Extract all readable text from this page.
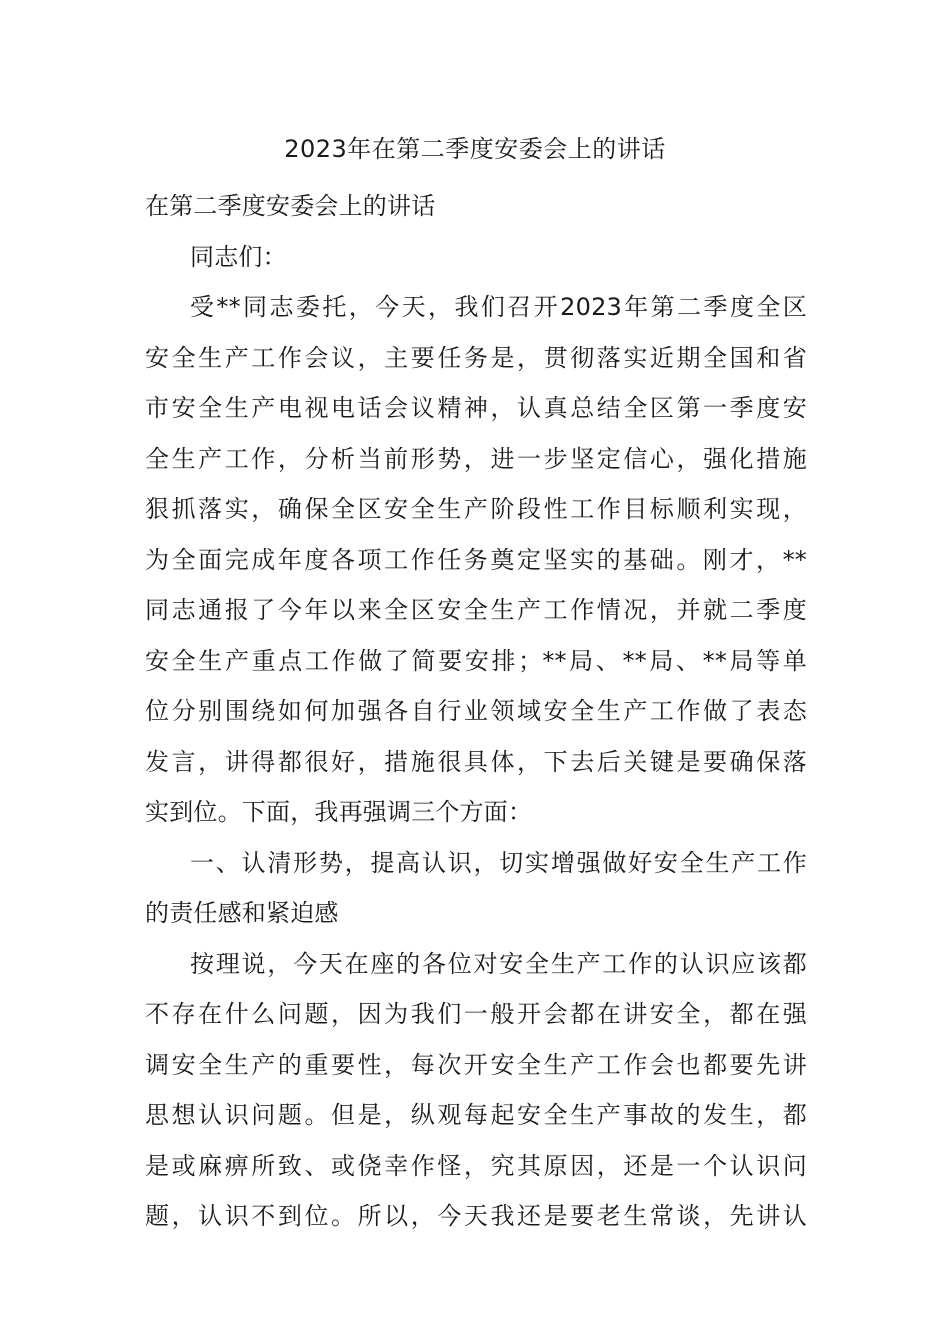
2023年在第二季度安委会上的讲话
在第二季度安委会上的讲话
同志们：
受**同志委托，今天，我们召开2023年第二季度全区
安全生产工作会议，主要任务是，贯彻落实近期全国和省
市安全生产电视电话会议精神，认真总结全区第一季度安
全生产工作，分析当前形势，进一步坚定信心，强化措施
狠抓落实，确保全区安全生产阶段性工作目标顺利实现，
为全面完成年度各项工作任务奠定坚实的基础。刚才，**
同志通报了今年以来全区安全生产工作情况，并就二季度
安全生产重点工作做了简要安排；**局、**局、**局等单
位分别围绕如何加强各自行业领域安全生产工作做了表态
发言，讲得都很好，措施很具体，下去后关键是要确保落
实到位。下面，我再强调三个方面：
一、认清形势，提高认识，切实增强做好安全生产工作
的责任感和紧迫感
按理说，今天在座的各位对安全生产工作的认识应该都
不存在什么问题，因为我们一般开会都在讲安全，都在强
调安全生产的重要性，每次开安全生产工作会也都要先讲
思想认识问题。但是，纵观每起安全生产事故的发生，都
是或麻痹所致、或侥幸作怪，究其原因，还是一个认识问
题，认识不到位。所以，今天我还是要老生常谈，先讲认
